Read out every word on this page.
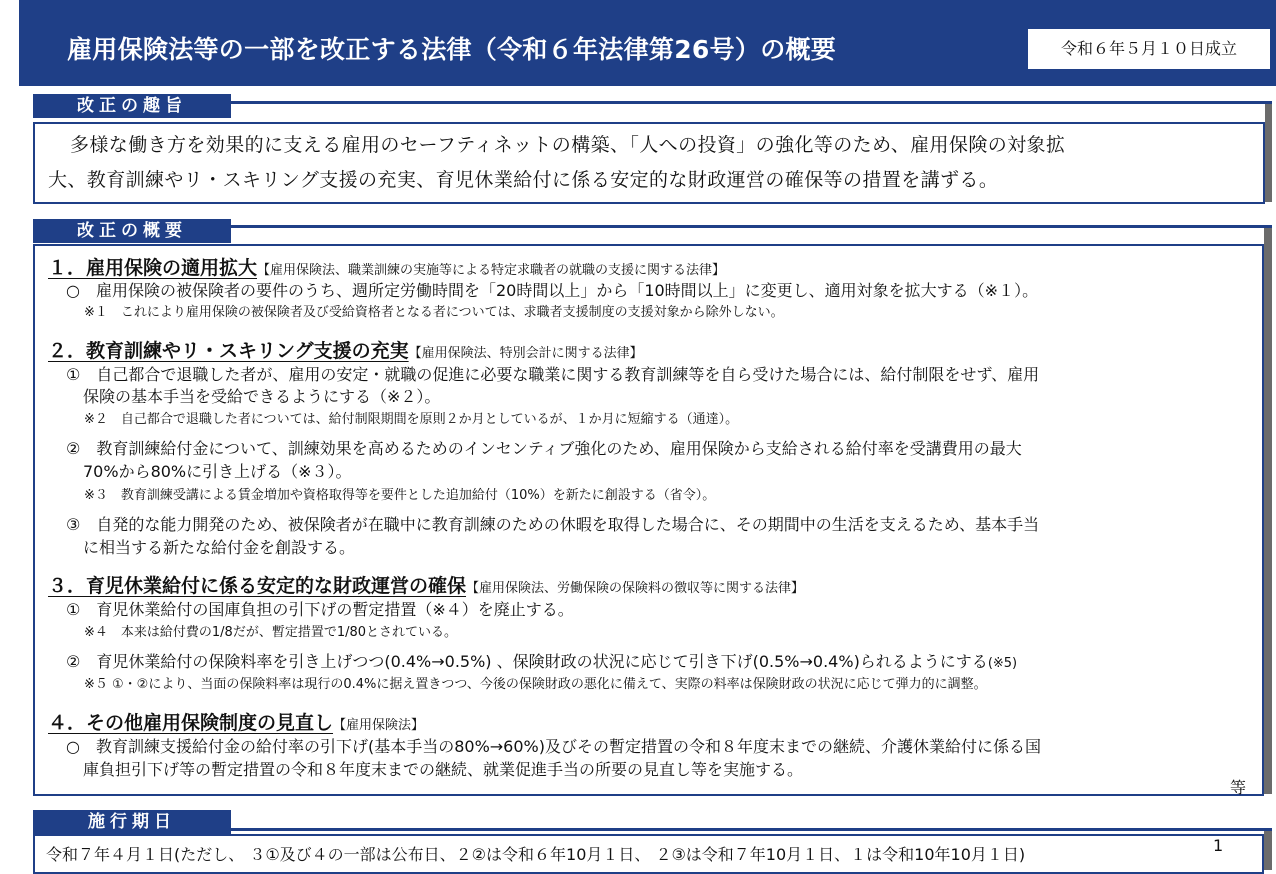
雇用保険法等の一部を改正する法律（令和６年法律第26号）の概要	令和６年５月１０日成立
改正の趣旨
多様な働き方を効果的に支える雇用のセーフティネットの構築、「人への投資」の強化等のため、雇用保険の対象拡
大、教育訓練やリ・スキリング支援の充実、育児休業給付に係る安定的な財政運営の確保等の措置を講ずる。
改正の概要
１．雇用保険の適用拡大【雇用保険法、職業訓練の実施等による特定求職者の就職の支援に関する法律】
○　雇用保険の被保険者の要件のうち、週所定労働時間を「20時間以上」から「10時間以上」に変更し、適用対象を拡大する（※１）。
※１　これにより雇用保険の被保険者及び受給資格者となる者については、求職者支援制度の支援対象から除外しない。
２．教育訓練やリ・スキリング支援の充実【雇用保険法、特別会計に関する法律】
①　自己都合で退職した者が、雇用の安定・就職の促進に必要な職業に関する教育訓練等を自ら受けた場合には、給付制限をせず、雇用
保険の基本手当を受給できるようにする（※２）。
※２　自己都合で退職した者については、給付制限期間を原則２か月としているが、１か月に短縮する（通達）。
②　教育訓練給付金について、訓練効果を高めるためのインセンティブ強化のため、雇用保険から支給される給付率を受講費用の最大
70%から80%に引き上げる（※３）。
※３　教育訓練受講による賃金増加や資格取得等を要件とした追加給付（10%）を新たに創設する（省令）。
③　自発的な能力開発のため、被保険者が在職中に教育訓練のための休暇を取得した場合に、その期間中の生活を支えるため、基本手当
に相当する新たな給付金を創設する。
３．育児休業給付に係る安定的な財政運営の確保【雇用保険法、労働保険の保険料の徴収等に関する法律】
①　育児休業給付の国庫負担の引下げの暫定措置（※４）を廃止する。
※４　本来は給付費の1/8だが、暫定措置で1/80とされている。
②　育児休業給付の保険料率を引き上げつつ(0.4%→0.5%) 、保険財政の状況に応じて引き下げ(0.5%→0.4%)られるようにする(※5)
※５ ①・②により、当面の保険料率は現行の0.4%に据え置きつつ、今後の保険財政の悪化に備えて、実際の料率は保険財政の状況に応じて弾力的に調整。
４．その他雇用保険制度の見直し【雇用保険法】
○　教育訓練支援給付金の給付率の引下げ(基本手当の80%→60%)及びその暫定措置の令和８年度末までの継続、介護休業給付に係る国
庫負担引下げ等の暫定措置の令和８年度末までの継続、就業促進手当の所要の見直し等を実施する。
等
施行期日
令和７年４月１日(ただし、 ３①及び４の一部は公布日、２②は令和６年10月１日、 ２③は令和７年10月１日、１は令和10年10月１日)	1
